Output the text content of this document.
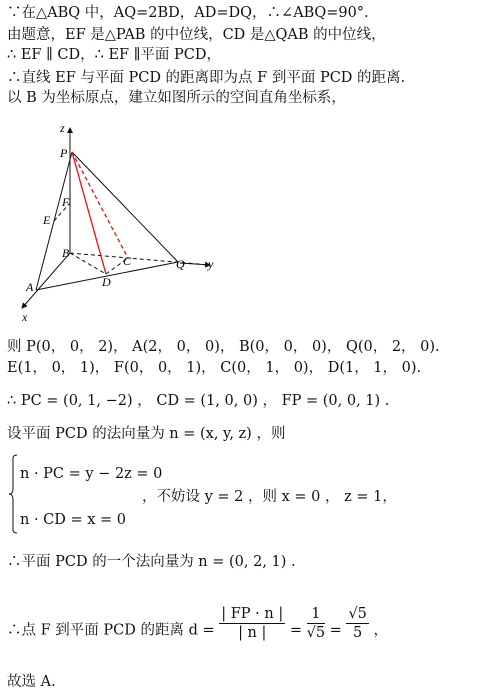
∵在△ABQ 中，AQ=2BD，AD=DQ，∴∠ABQ=90°.
由题意，EF 是△PAB 的中位线，CD 是△QAB 的中位线，
∴ EF ∥ CD，∴ EF ∥平面 PCD，
∴直线 EF 与平面 PCD 的距离即为点 F 到平面 PCD 的距离.
以 B 为坐标原点，建立如图所示的空间直角坐标系，
z
P
F
E
B
C	Q y
D
A
x
则 P(0， 0， 2)， A(2， 0， 0)， B(0， 0， 0)， Q(0， 2， 0).
E(1， 0， 1)， F(0， 0， 1)， C(0， 1， 0)， D(1， 1， 0).
∴ PC = (0, 1, −2) ， CD = (1, 0, 0) ， FP = (0, 0, 1) .
设平面 PCD 的法向量为 n = (x, y, z) ，则
n · PC = y − 2z = 0
n · CD = x = 0
，不妨设 y = 2 ，则 x = 0 ， z = 1，
∴平面 PCD 的一个法向量为 n = (0, 2, 1) .
∴点 F 到平面 PCD 的距离 $d = \frac{| FP \cdot n |}{| n |} = \frac{1}{√5} = \frac{√5}{5}$ ，
故选 A.
